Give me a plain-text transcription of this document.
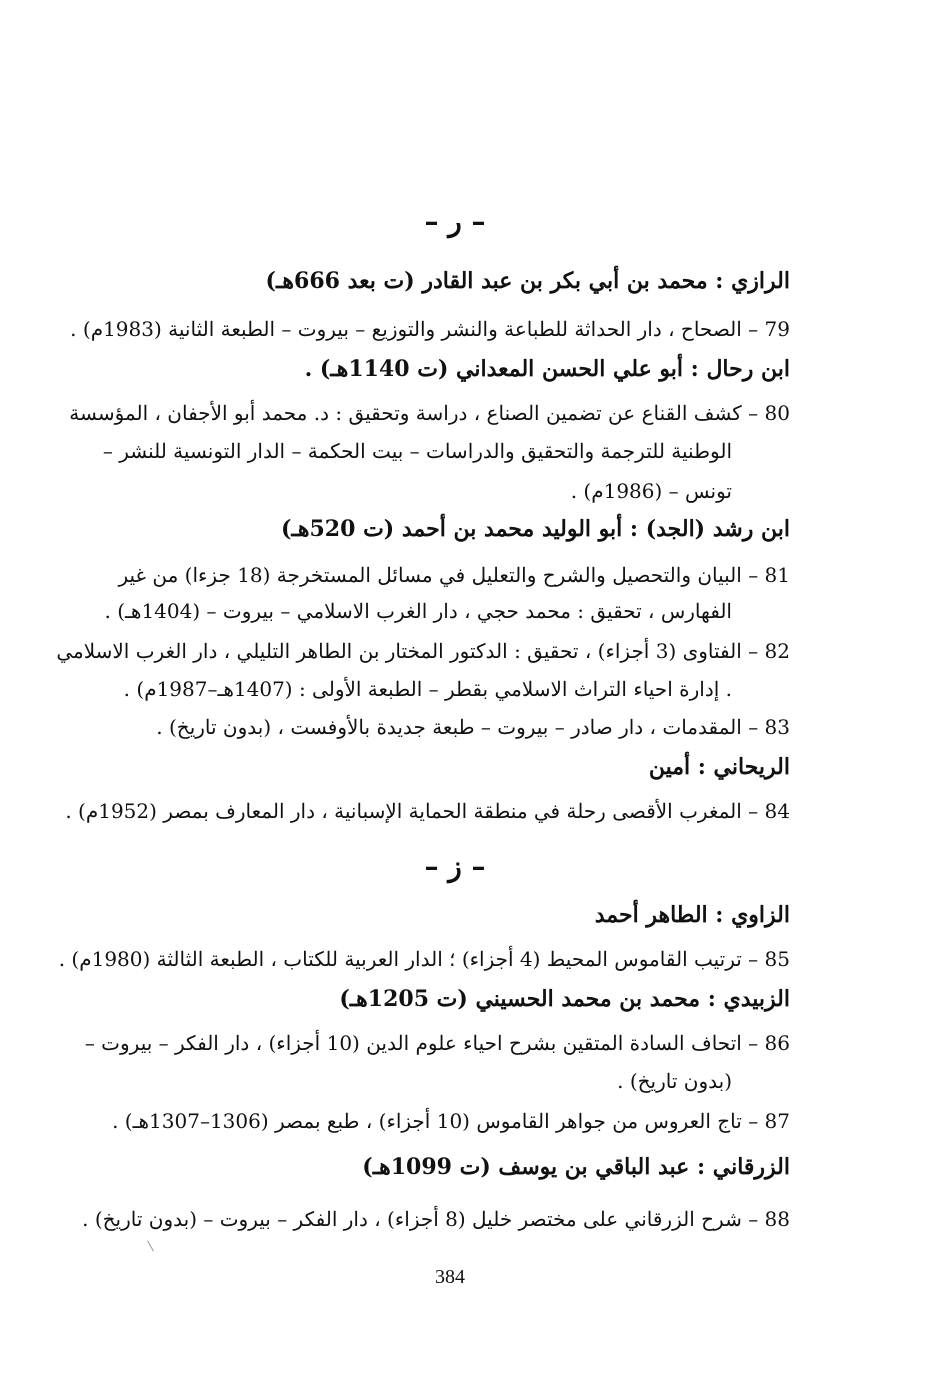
– ر –
الرازي : محمد بن أبي بكر بن عبد القادر (ت بعد 666هـ)
79 – الصحاح ، دار الحداثة للطباعة والنشر والتوزيع – بيروت – الطبعة الثانية (1983م) .
ابن رحال : أبو علي الحسن المعداني (ت 1140هـ) .
80 – كشف القناع عن تضمين الصناع ، دراسة وتحقيق : د. محمد أبو الأجفان ، المؤسسة
الوطنية للترجمة والتحقيق والدراسات – بيت الحكمة – الدار التونسية للنشر –
تونس – (1986م) .
ابن رشد (الجد) : أبو الوليد محمد بن أحمد (ت 520هـ)
81 – البيان والتحصيل والشرح والتعليل في مسائل المستخرجة (18 جزءا) من غير
الفهارس ، تحقيق : محمد حجي ، دار الغرب الاسلامي – بيروت – (1404هـ) .
82 – الفتاوى (3 أجزاء) ، تحقيق : الدكتور المختار بن الطاهر التليلي ، دار الغرب الاسلامي
. إدارة احياء التراث الاسلامي بقطر – الطبعة الأولى : (1407هـ–1987م) .
83 – المقدمات ، دار صادر – بيروت – طبعة جديدة بالأوفست ، (بدون تاريخ) .
الريحاني : أمين
84 – المغرب الأقصى رحلة في منطقة الحماية الإسبانية ، دار المعارف بمصر (1952م) .
– ز –
الزاوي : الطاهر أحمد
85 – ترتيب القاموس المحيط (4 أجزاء) ؛ الدار العربية للكتاب ، الطبعة الثالثة (1980م) .
الزبيدي : محمد بن محمد الحسيني (ت 1205هـ)
86 – اتحاف السادة المتقين بشرح احياء علوم الدين (10 أجزاء) ، دار الفكر – بيروت –
(بدون تاريخ) .
87 – تاج العروس من جواهر القاموس (10 أجزاء) ، طبع بمصر (1306–1307هـ) .
الزرقاني : عبد الباقي بن يوسف (ت 1099هـ)
88 – شرح الزرقاني على مختصر خليل (8 أجزاء) ، دار الفكر – بيروت – (بدون تاريخ) .
384
